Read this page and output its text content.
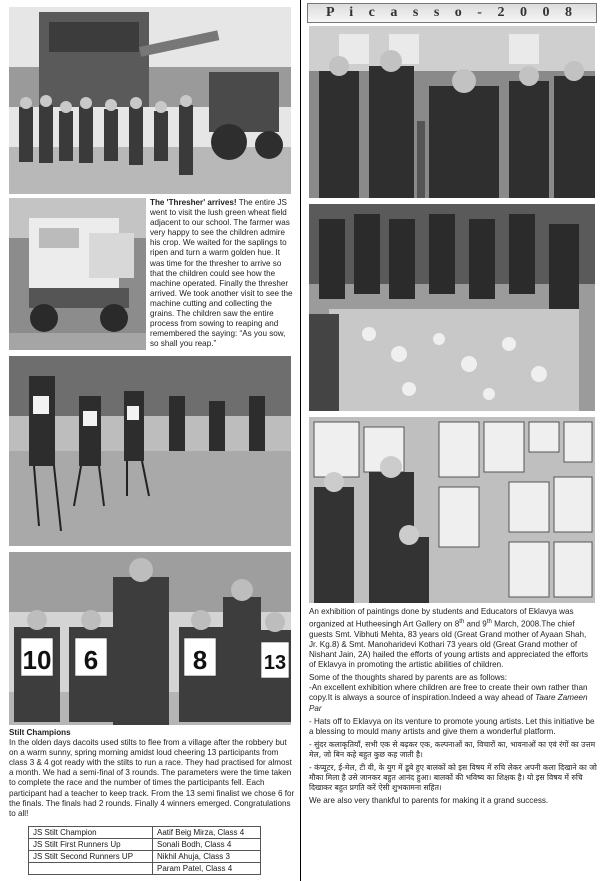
The 'Thresher' arrives! The entire JS went to visit the lush green wheat field adjacent to our school. The farmer was very happy to see the children admire his crop. We waited for the saplings to ripen and turn a warm golden hue. It was time for the thresher to arrive so that the children could see how the machine operated. Finally the thresher arrived. We took another visit to see the machine cutting and collecting the grains. The children saw the entire process from sowing to reaping and remembered the saying: “As you sow, so shall you reap.”
10 6	8	13
Stilt Champions
In the olden days dacoits used stilts to flee from a village after the robbery but on a warm sunny, spring morning amidst loud cheering 13 participants from class 3 & 4 got ready with the stilts to run a race. They had practised for almost a month. We had a semi-final of 3 rounds. The parameters were the time taken to complete the race and the number of times the participants fell. Each participant had a teacher to keep track. From the 13 semi finalist we chose 6 for the finals. The finals had 2 rounds. Finally 4 winners emerged. Congratulations to all!
JS Stilt Champion	Aatif Beig Mirza, Class 4
JS Stilt First Runners Up	Sonali Bodh, Class 4
JS Stilt Second Runners UP	Nikhil Ahuja, Class 3
	Param Patel, Class 4
P i c a s s o - 2 0 0 8

An exhibition of paintings done by students and Educators of Eklavya was organized at Hutheesingh Art Gallery on 8th and 9th March, 2008.The chief guests Smt. Vibhuti Mehta, 83 years old (Great Grand mother of Ayaan Shah, Jr. Kg.8) & Smt. Manoharidevi Kothari 73 years old (Great Grand mother of Nishant Jain, 2A) hailed the efforts of young artists and appreciated the efforts of Eklavya in promoting the artistic abilities of children.

Some of the thoughts shared by parents are as follows:

-An excellent exhibition where children are free to create their own rather than copy.It is always a source of inspiration.Indeed a way ahead of Taare Zameen Par

- Hats off to Eklavya on its venture to promote young artists. Let this initiative be a blessing to mould many artists and give them a wonderful platform.

- सुंदर कलाकृतियाँ, सभी एक से बढ़कर एक, कल्पनाओं का, विचारों का, भावनाओं का एवं रंगों का उत्तम मेल, जो बिन कहे बहुत कुछ कह जाती है।

- कंप्यूटर, ई-मेल, टी वी, के युग में डूबे हुए बालकों को इस विषय में रुचि लेकर अपनी कला दिखाने का जो मौका मिला है उसे जानकर बहुत आनंद हुआ। बालकों की भविष्य का शिक्षक है। यो इस विषय में रुचि दिखाकर बहुत प्रगति करें ऐसी शुभकामना सहित।

We are also very thankful to parents for making it a grand success.
